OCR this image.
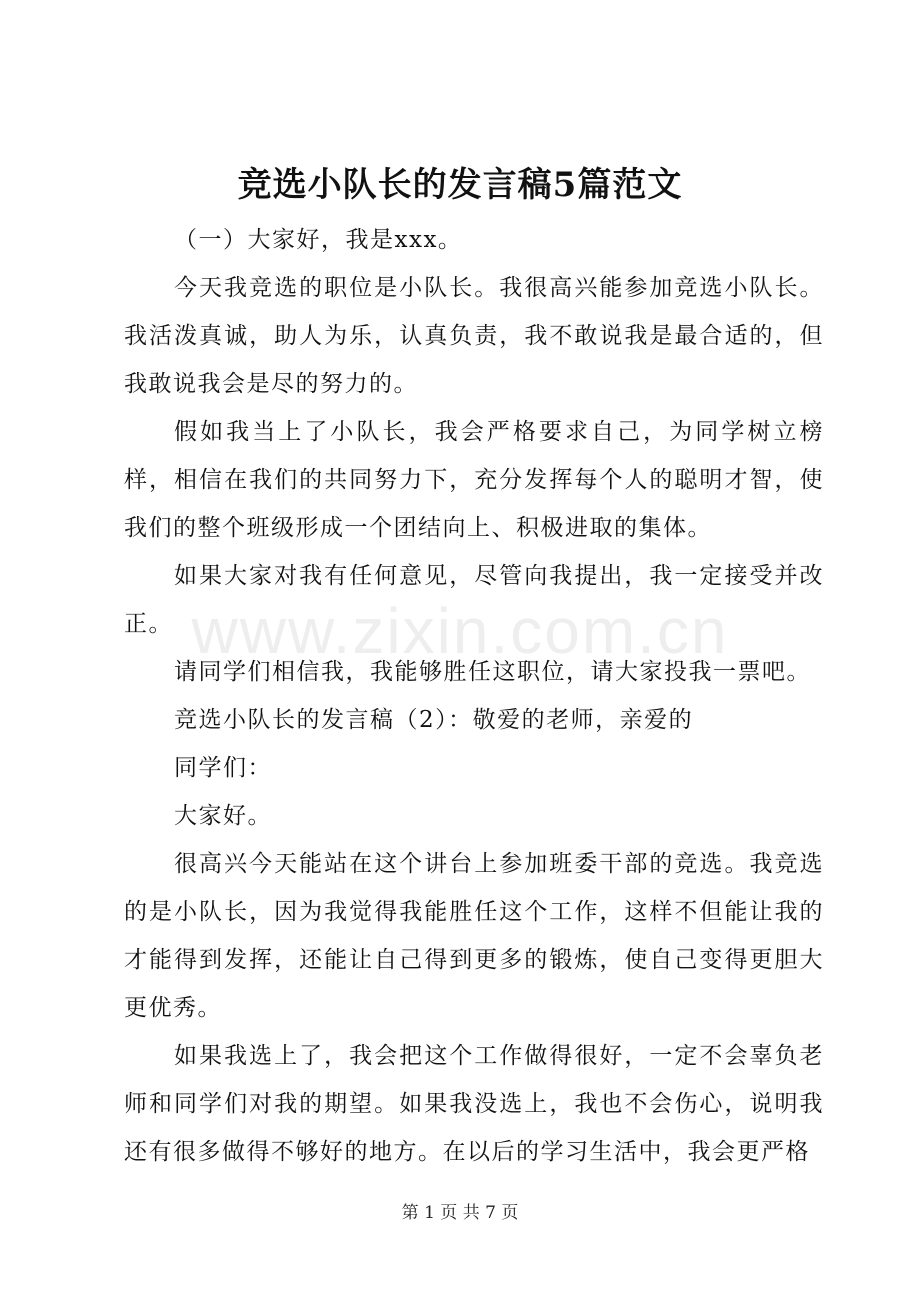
www.zixin.com.cn
竞选小队长的发言稿5篇范文

（一）大家好，我是xxx。

今天我竞选的职位是小队长。我很高兴能参加竞选小队长。我活泼真诚，助人为乐，认真负责，我不敢说我是最合适的，但我敢说我会是尽的努力的。

假如我当上了小队长，我会严格要求自己，为同学树立榜样，相信在我们的共同努力下，充分发挥每个人的聪明才智，使我们的整个班级形成一个团结向上、积极进取的集体。

如果大家对我有任何意见，尽管向我提出，我一定接受并改正。

请同学们相信我，我能够胜任这职位，请大家投我一票吧。

竞选小队长的发言稿（2）：敬爱的老师，亲爱的

同学们：

大家好。

很高兴今天能站在这个讲台上参加班委干部的竞选。我竞选的是小队长，因为我觉得我能胜任这个工作，这样不但能让我的才能得到发挥，还能让自己得到更多的锻炼，使自己变得更胆大更优秀。

如果我选上了，我会把这个工作做得很好，一定不会辜负老师和同学们对我的期望。如果我没选上，我也不会伤心，说明我还有很多做得不够好的地方。在以后的学习生活中，我会更严格

第 1 页 共 7 页
